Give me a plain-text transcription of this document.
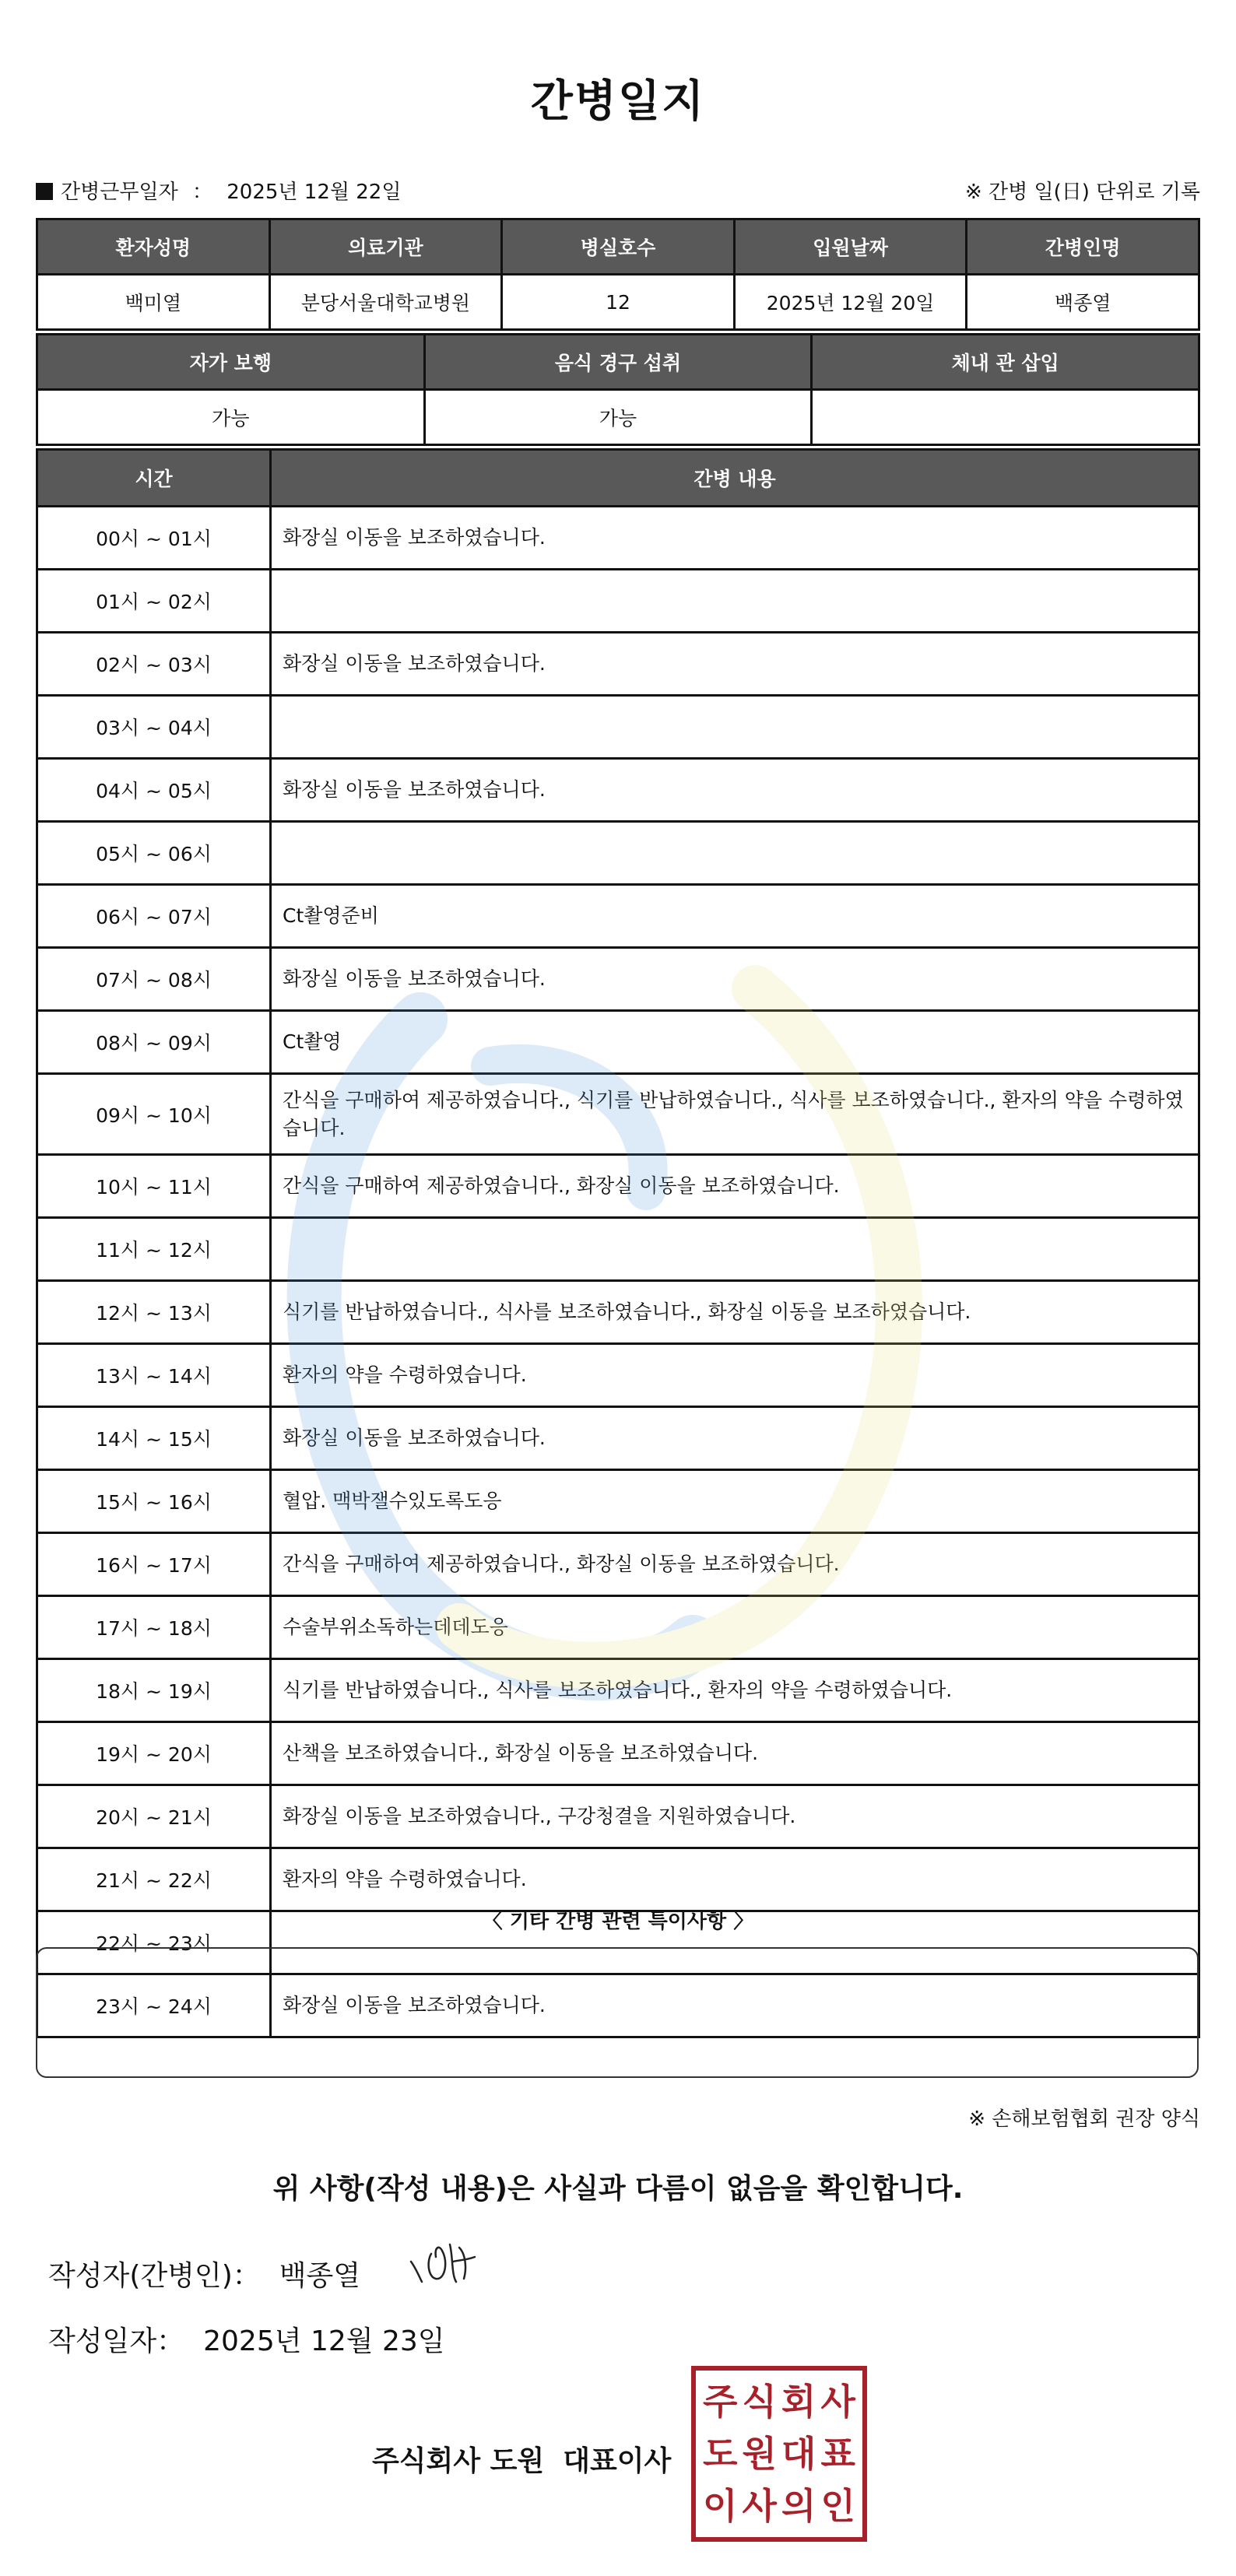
간병일지
간병근무일자 ： 2025년 12월 22일	※ 간병 일(日) 단위로 기록
환자성명	의료기관	병실호수	입원날짜	간병인명
백미열	분당서울대학교병원	12	2025년 12월 20일	백종열
자가 보행	음식 경구 섭취	체내 관 삽입
가능	가능	
시간	간병 내용
00시 ~ 01시	화장실 이동을 보조하였습니다.
01시 ~ 02시	
02시 ~ 03시	화장실 이동을 보조하였습니다.
03시 ~ 04시	
04시 ~ 05시	화장실 이동을 보조하였습니다.
05시 ~ 06시	
06시 ~ 07시	Ct촬영준비
07시 ~ 08시	화장실 이동을 보조하였습니다.
08시 ~ 09시	Ct촬영
09시 ~ 10시	간식을 구매하여 제공하였습니다., 식기를 반납하였습니다., 식사를 보조하였습니다., 환자의 약을 수령하였습니다.
10시 ~ 11시	간식을 구매하여 제공하였습니다., 화장실 이동을 보조하였습니다.
11시 ~ 12시	
12시 ~ 13시	식기를 반납하였습니다., 식사를 보조하였습니다., 화장실 이동을 보조하였습니다.
13시 ~ 14시	환자의 약을 수령하였습니다.
14시 ~ 15시	화장실 이동을 보조하였습니다.
15시 ~ 16시	혈압. 맥박잴수있도록도응
16시 ~ 17시	간식을 구매하여 제공하였습니다., 화장실 이동을 보조하였습니다.
17시 ~ 18시	수술부위소독하는데데도응
18시 ~ 19시	식기를 반납하였습니다., 식사를 보조하였습니다., 환자의 약을 수령하였습니다.
19시 ~ 20시	산책을 보조하였습니다., 화장실 이동을 보조하였습니다.
20시 ~ 21시	화장실 이동을 보조하였습니다., 구강청결을 지원하였습니다.
21시 ~ 22시	환자의 약을 수령하였습니다.
22시 ~ 23시	
23시 ~ 24시	화장실 이동을 보조하였습니다.
〈 기타 간병 관련 특이사항 〉
※ 손해보험협회 권장 양식
위 사항(작성 내용)은 사실과 다름이 없음을 확인합니다.
작성자(간병인)： 백종열
작성일자： 2025년 12월 23일
주식회사 도원 대표이사
주 식 회 사
도 원 대 표
이 사 의 인
